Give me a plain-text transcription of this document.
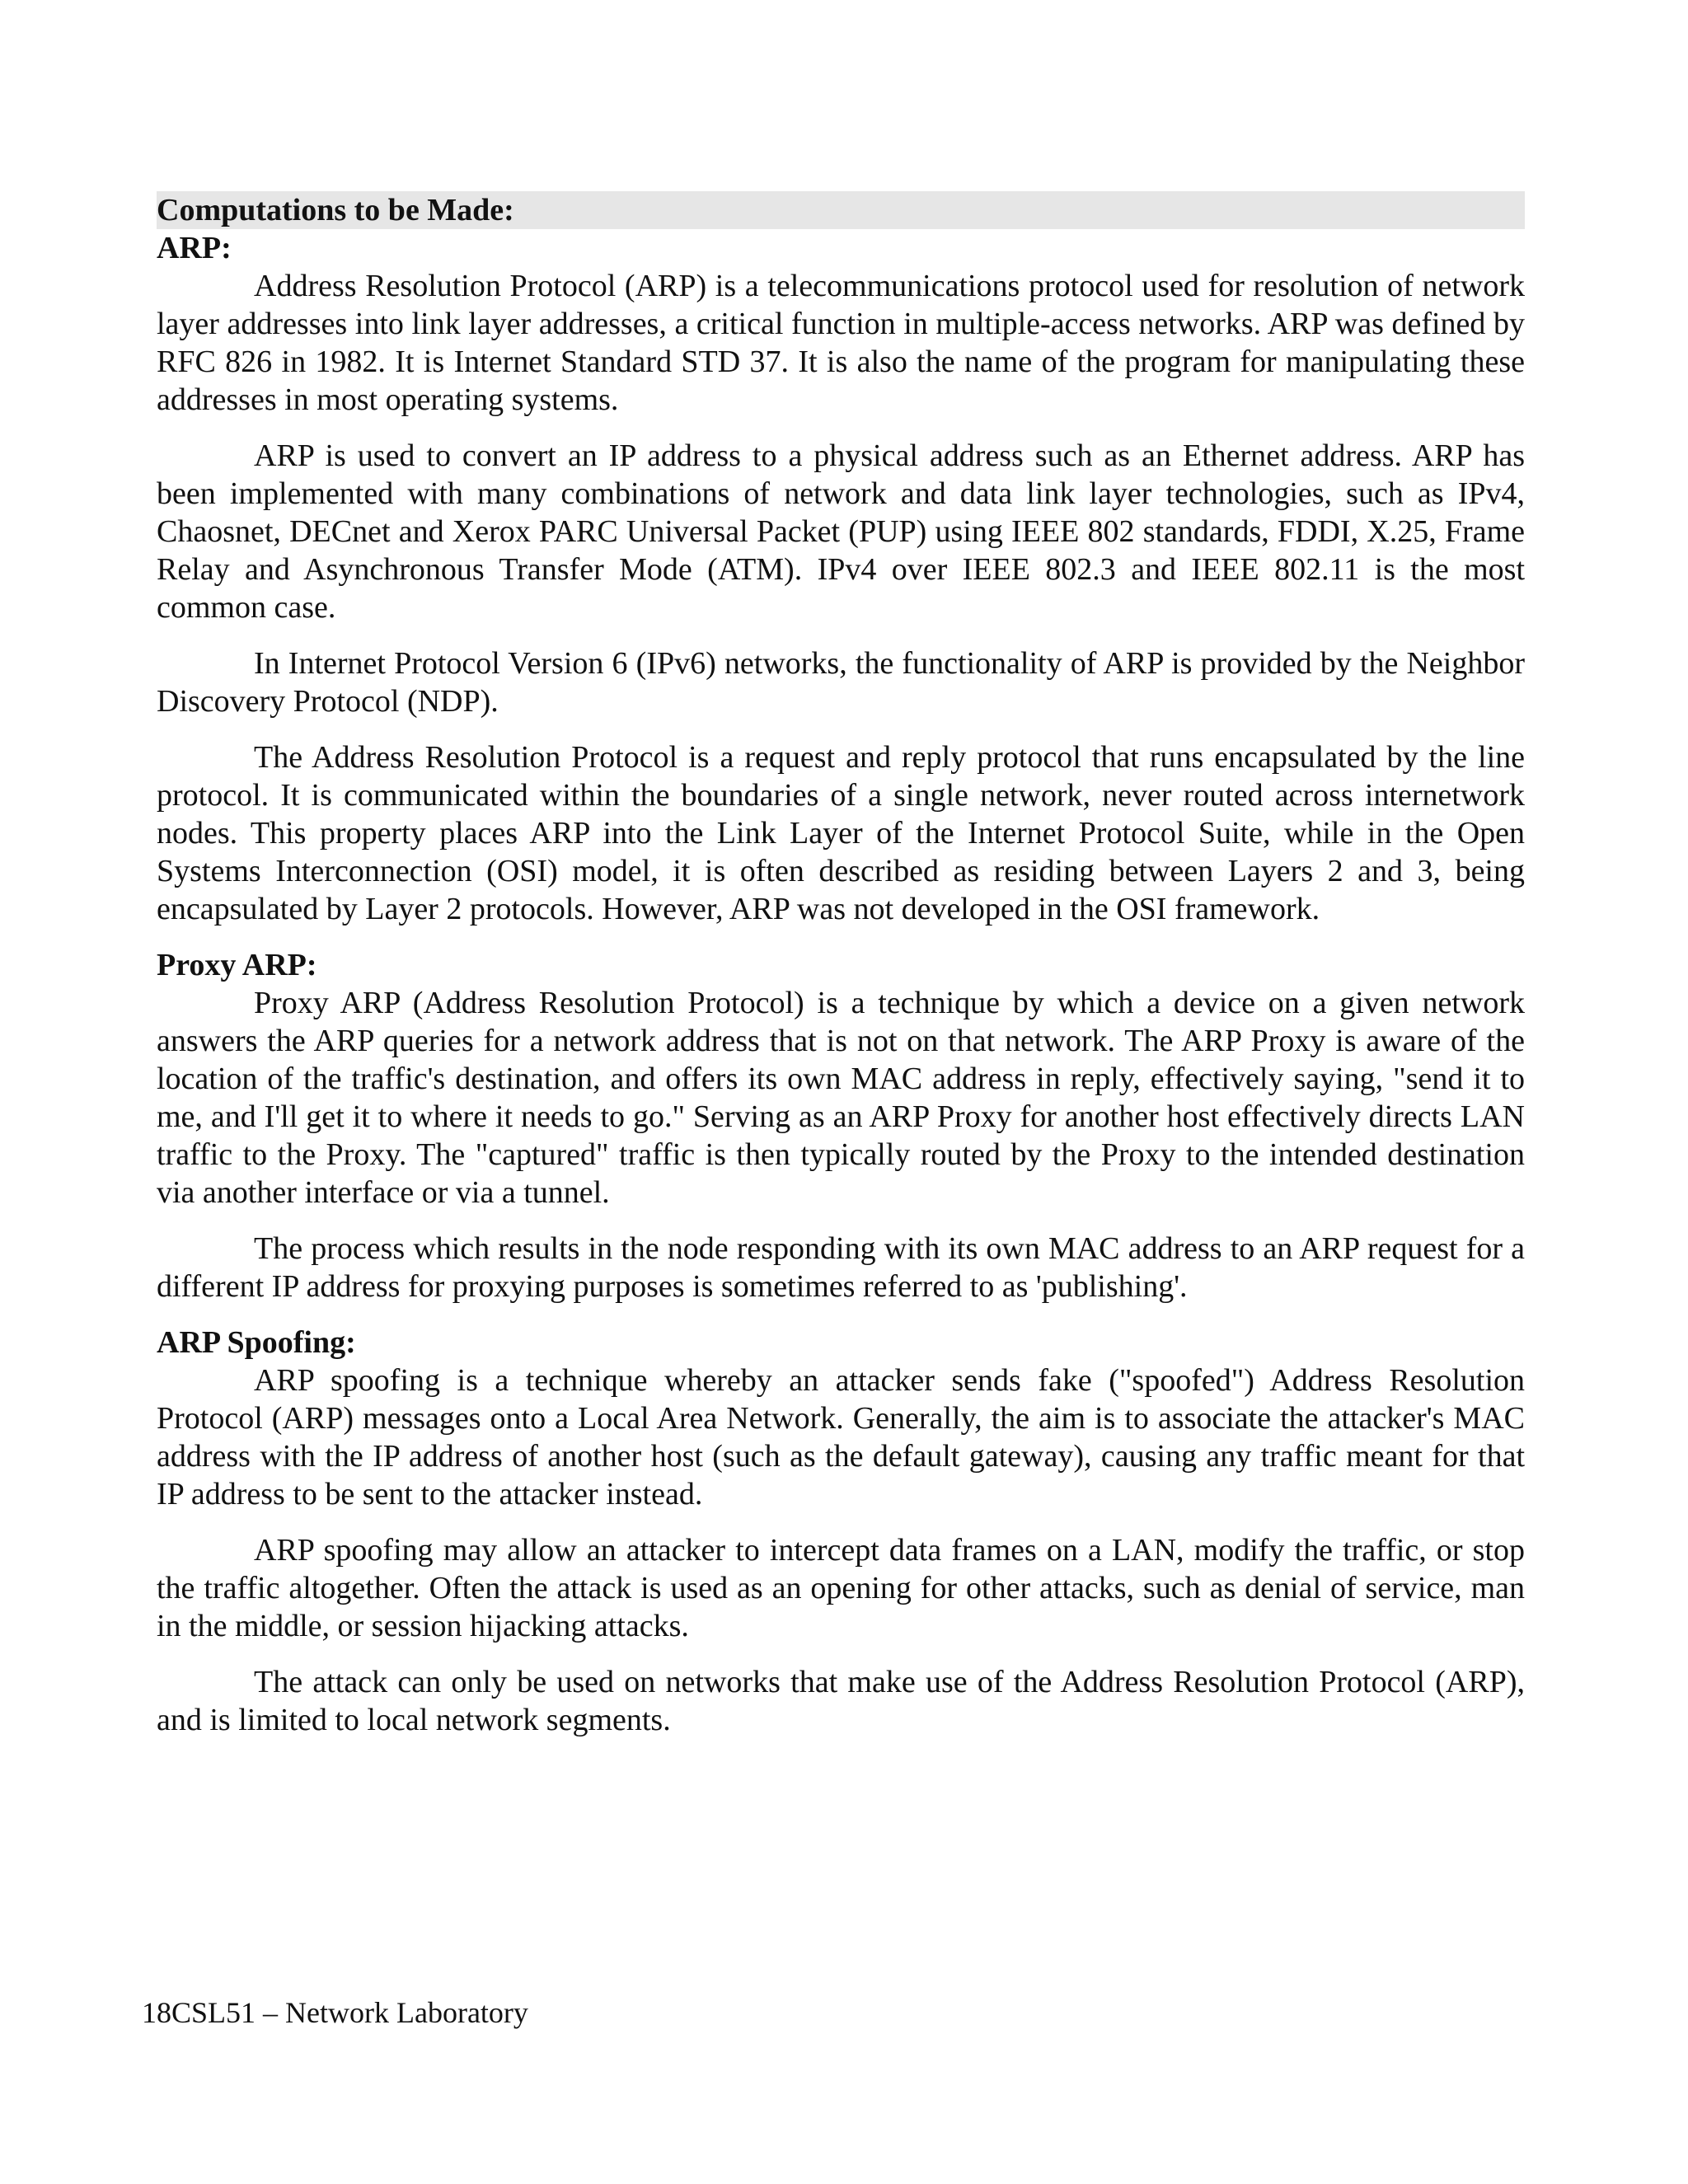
Computations to be Made:
ARP:

Address Resolution Protocol (ARP) is a telecommunications protocol used for resolution of network layer addresses into link layer addresses, a critical function in multiple-access networks. ARP was defined by RFC 826 in 1982. It is Internet Standard STD 37. It is also the name of the program for manipulating these addresses in most operating systems.

ARP is used to convert an IP address to a physical address such as an Ethernet address. ARP has been implemented with many combinations of network and data link layer technologies, such as IPv4, Chaosnet, DECnet and Xerox PARC Universal Packet (PUP) using IEEE 802 standards, FDDI, X.25, Frame Relay and Asynchronous Transfer Mode (ATM). IPv4 over IEEE 802.3 and IEEE 802.11 is the most common case.

In Internet Protocol Version 6 (IPv6) networks, the functionality of ARP is provided by the Neighbor Discovery Protocol (NDP).

The Address Resolution Protocol is a request and reply protocol that runs encapsulated by the line protocol. It is communicated within the boundaries of a single network, never routed across internetwork nodes. This property places ARP into the Link Layer of the Internet Protocol Suite, while in the Open Systems Interconnection (OSI) model, it is often described as residing between Layers 2 and 3, being encapsulated by Layer 2 protocols. However, ARP was not developed in the OSI framework.

Proxy ARP:

Proxy ARP (Address Resolution Protocol) is a technique by which a device on a given network answers the ARP queries for a network address that is not on that network. The ARP Proxy is aware of the location of the traffic's destination, and offers its own MAC address in reply, effectively saying, "send it to me, and I'll get it to where it needs to go." Serving as an ARP Proxy for another host effectively directs LAN traffic to the Proxy. The "captured" traffic is then typically routed by the Proxy to the intended destination via another interface or via a tunnel.

The process which results in the node responding with its own MAC address to an ARP request for a different IP address for proxying purposes is sometimes referred to as 'publishing'.

ARP Spoofing:

ARP spoofing is a technique whereby an attacker sends fake ("spoofed") Address Resolution Protocol (ARP) messages onto a Local Area Network. Generally, the aim is to associate the attacker's MAC address with the IP address of another host (such as the default gateway), causing any traffic meant for that IP address to be sent to the attacker instead.

ARP spoofing may allow an attacker to intercept data frames on a LAN, modify the traffic, or stop the traffic altogether. Often the attack is used as an opening for other attacks, such as denial of service, man in the middle, or session hijacking attacks.

The attack can only be used on networks that make use of the Address Resolution Protocol (ARP), and is limited to local network segments.

18CSL51 – Network Laboratory
